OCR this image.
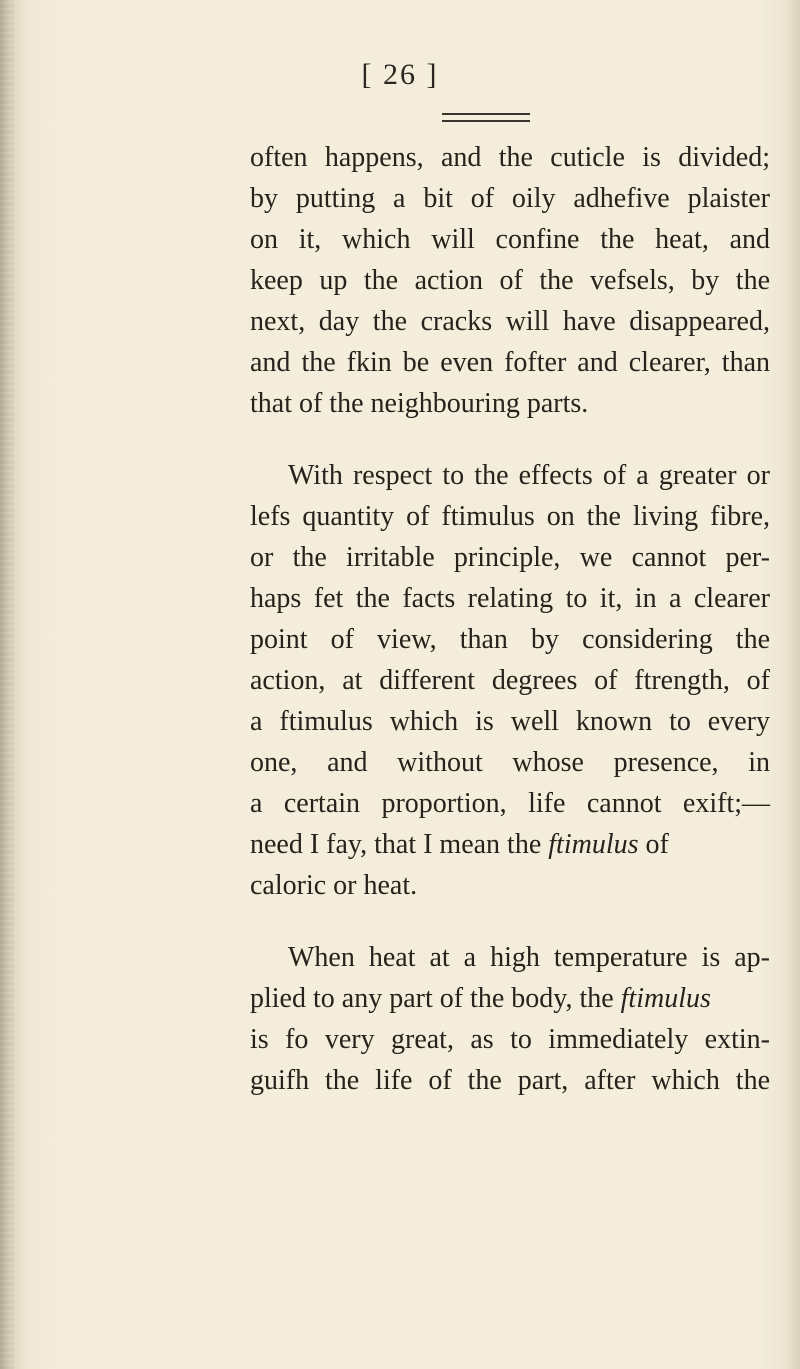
[ 26 ]
often happens, and the cuticle is divided;
by putting a bit of oily adhefive plaister
on it, which will confine the heat, and
keep up the action of the vefsels, by the
next, day the cracks will have disappeared,
and the fkin be even fofter and clearer, than
that of the neighbouring parts.
With respect to the effects of a greater or
lefs quantity of ftimulus on the living fibre,
or the irritable principle, we cannot per-
haps fet the facts relating to it, in a clearer
point of view, than by considering the
action, at different degrees of ftrength, of
a ftimulus which is well known to every
one, and without whose presence, in
a certain proportion, life cannot exift;—
need I fay, that I mean the ftimulus of
caloric or heat.
When heat at a high temperature is ap-
plied to any part of the body, the ftimulus
is fo very great, as to immediately extin-
guifh the life of the part, after which the
